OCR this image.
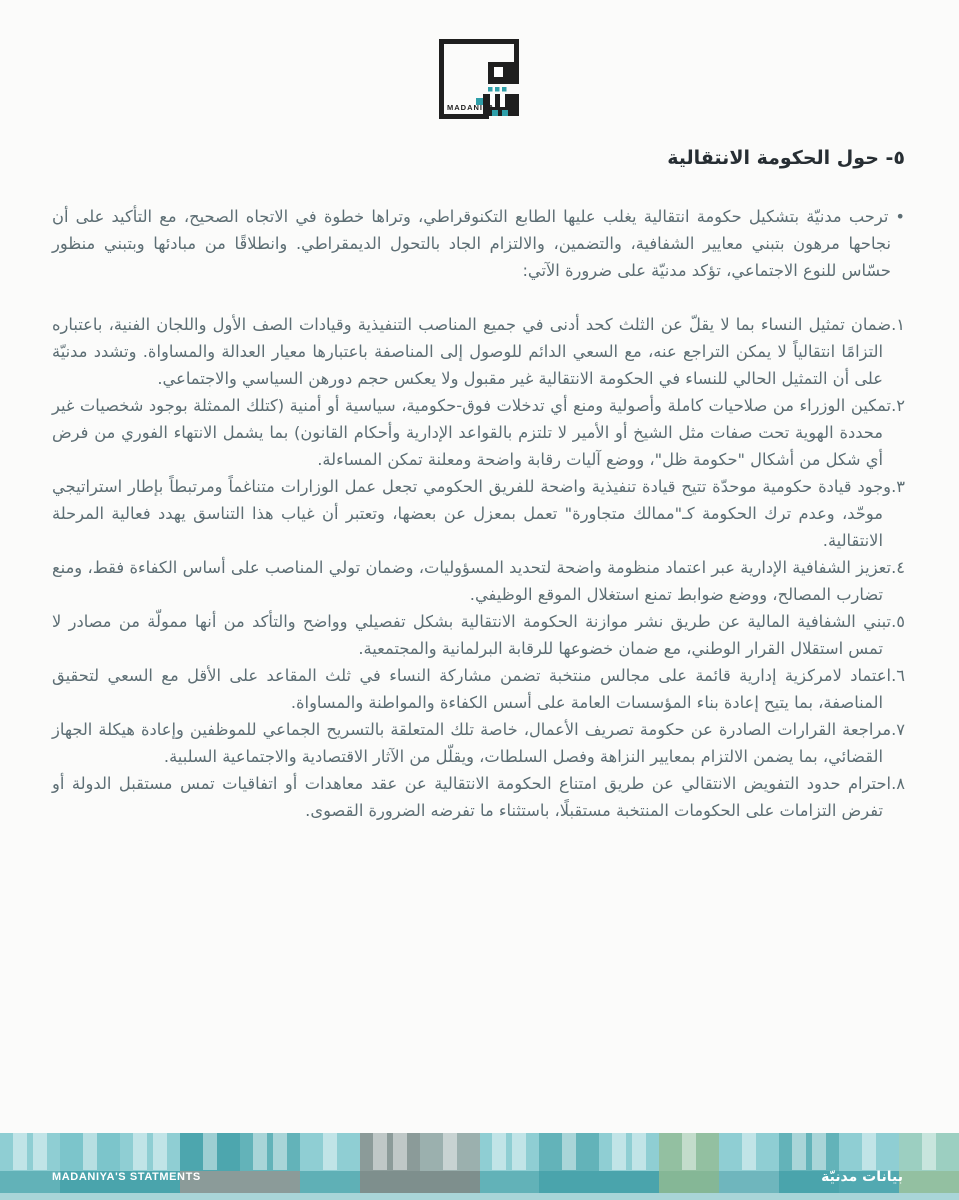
MADANIYA
٥- حول الحكومة الانتقالية

•ترحب مدنيّة بتشكيل حكومة انتقالية يغلب عليها الطابع التكنوقراطي، وتراها خطوة في الاتجاه الصحيح، مع التأكيد على أن نجاحها مرهون بتبني معايير الشفافية، والتضمين، والالتزام الجاد بالتحول الديمقراطي. وانطلاقًا من مبادئها وبتبني منظور حسّاس للنوع الاجتماعي، تؤكد مدنيّة على ضرورة الآتي:

١.ضمان تمثيل النساء بما لا يقلّ عن الثلث كحد أدنى في جميع المناصب التنفيذية وقيادات الصف الأول واللجان الفنية، باعتباره التزامًا انتقالياً لا يمكن التراجع عنه، مع السعي الدائم للوصول إلى المناصفة باعتبارها معيار العدالة والمساواة. وتشدد مدنيّة على أن التمثيل الحالي للنساء في الحكومة الانتقالية غير مقبول ولا يعكس حجم دورهن السياسي والاجتماعي.
٢.تمكين الوزراء من صلاحيات كاملة وأصولية ومنع أي تدخلات فوق-حكومية، سياسية أو أمنية (كتلك الممثلة بوجود شخصيات غير محددة الهوية تحت صفات مثل الشيخ أو الأمير لا تلتزم بالقواعد الإدارية وأحكام القانون) بما يشمل الانتهاء الفوري من فرض أي شكل من أشكال "حكومة ظل"، ووضع آليات رقابة واضحة ومعلنة تمكن المساءلة.
٣.وجود قيادة حكومية موحدّة تتيح قيادة تنفيذية واضحة للفريق الحكومي تجعل عمل الوزارات متناغماً ومرتبطاً بإطار استراتيجي موحّد، وعدم ترك الحكومة كـ"ممالك متجاورة" تعمل بمعزل عن بعضها، وتعتبر أن غياب هذا التناسق يهدد فعالية المرحلة الانتقالية.
٤.تعزيز الشفافية الإدارية عبر اعتماد منظومة واضحة لتحديد المسؤوليات، وضمان تولي المناصب على أساس الكفاءة فقط، ومنع تضارب المصالح، ووضع ضوابط تمنع استغلال الموقع الوظيفي.
٥.تبني الشفافية المالية عن طريق نشر موازنة الحكومة الانتقالية بشكل تفصيلي وواضح والتأكد من أنها ممولّة من مصادر لا تمس استقلال القرار الوطني، مع ضمان خضوعها للرقابة البرلمانية والمجتمعية.
٦.اعتماد لامركزية إدارية قائمة على مجالس منتخبة تضمن مشاركة النساء في ثلث المقاعد على الأقل مع السعي لتحقيق المناصفة، بما يتيح إعادة بناء المؤسسات العامة على أسس الكفاءة والمواطنة والمساواة.
٧.مراجعة القرارات الصادرة عن حكومة تصريف الأعمال، خاصة تلك المتعلقة بالتسريح الجماعي للموظفين وإعادة هيكلة الجهاز القضائي، بما يضمن الالتزام بمعايير النزاهة وفصل السلطات، ويقلّل من الآثار الاقتصادية والاجتماعية السلبية.
٨.احترام حدود التفويض الانتقالي عن طريق امتناع الحكومة الانتقالية عن عقد معاهدات أو اتفاقيات تمس مستقبل الدولة أو تفرض التزامات على الحكومات المنتخبة مستقبلًا، باستثناء ما تفرضه الضرورة القصوى.
MADANIYA'S STATMENTS	بيانات مدنيّة
